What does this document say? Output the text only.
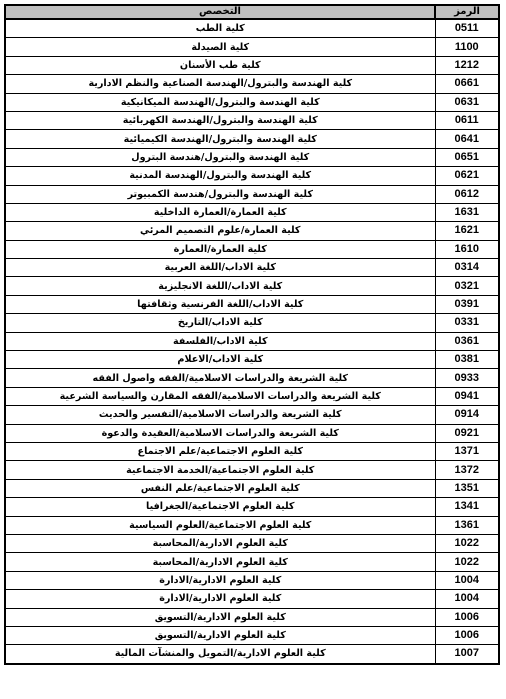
التخصص	الرمز
كلية الطب	0511
كلية الصيدلة	1100
كلية طب الأسنان	1212
كلية الهندسة والبترول/الهندسة الصناعية والنظم الادارية	0661
كلية الهندسة والبترول/الهندسة الميكانيكية	0631
كلية الهندسة والبترول/الهندسة الكهربائية	0611
كلية الهندسة والبترول/الهندسة الكيميائية	0641
كلية الهندسة والبترول/هندسة البترول	0651
كلية الهندسة والبترول/الهندسة المدنية	0621
كلية الهندسة والبترول/هندسة الكمبيوتر	0612
كلية العمارة/العمارة الداخلية	1631
كلية العمارة/علوم التصميم المرئي	1621
كلية العمارة/العمارة	1610
كلية الاداب/اللغة العربية	0314
كلية الاداب/اللغة الانجليزية	0321
كلية الاداب/اللغة الفرنسية وثقافتها	0391
كلية الاداب/التاريخ	0331
كلية الاداب/الفلسفة	0361
كلية الاداب/الاعلام	0381
كلية الشريعة والدراسات الاسلامية/الفقه واصول الفقه	0933
كلية الشريعة والدراسات الاسلامية/الفقه المقارن والسياسة الشرعية	0941
كلية الشريعة والدراسات الاسلامية/التفسير والحديث	0914
كلية الشريعة والدراسات الاسلامية/العقيدة والدعوة	0921
كلية العلوم الاجتماعية/علم الاجتماع	1371
كلية العلوم الاجتماعية/الخدمة الاجتماعية	1372
كلية العلوم الاجتماعية/علم النفس	1351
كلية العلوم الاجتماعية/الجغرافيا	1341
كلية العلوم الاجتماعية/العلوم السياسية	1361
كلية العلوم الادارية/المحاسبة	1022
كلية العلوم الادارية/المحاسبة	1022
كلية العلوم الادارية/الادارة	1004
كلية العلوم الادارية/الادارة	1004
كلية العلوم الادارية/التسويق	1006
كلية العلوم الادارية/التسويق	1006
كلية العلوم الادارية/التمويل والمنشآت المالية	1007
